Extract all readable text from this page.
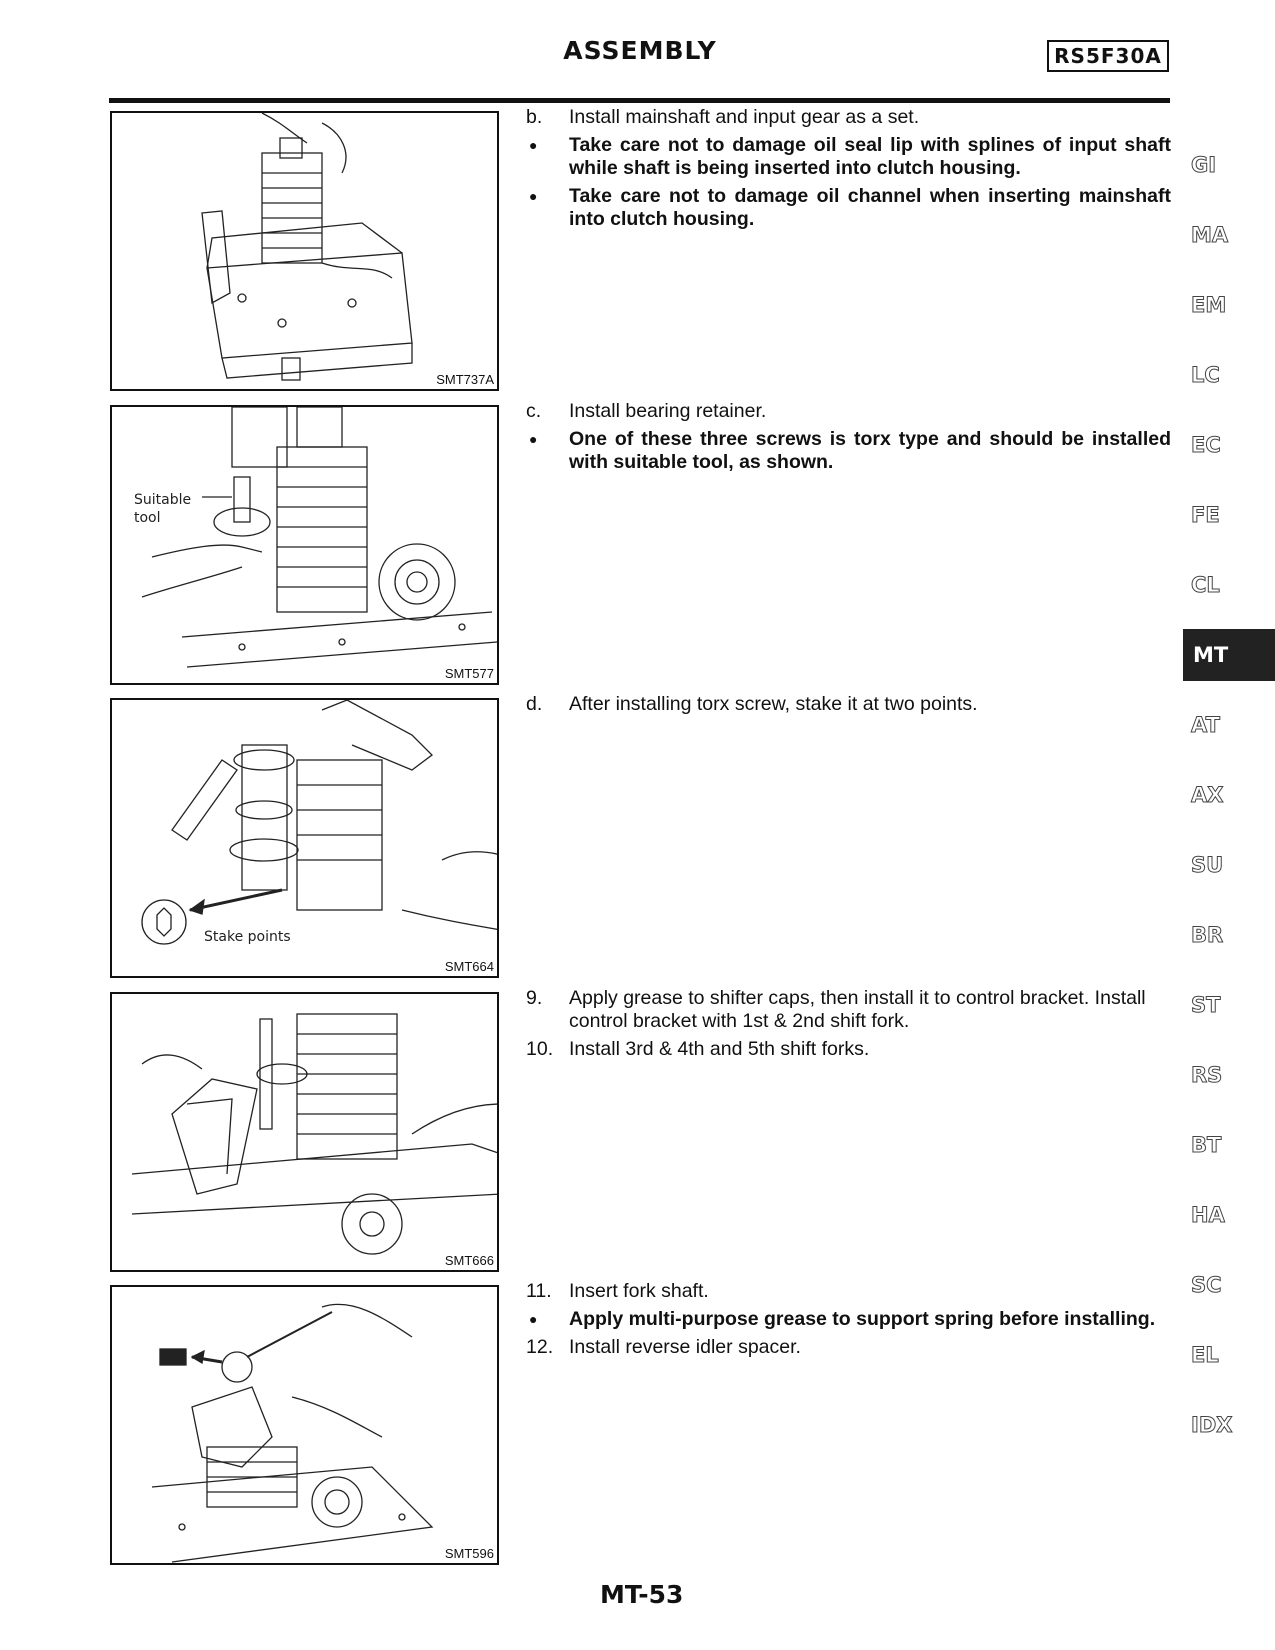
ASSEMBLY	RS5F30A
SMT737A
Suitable
tool
SMT577
Stake points
SMT664
SMT666
SMT596
b.	Install mainshaft and input gear as a set.
●	Take care not to damage oil seal lip with splines of input shaft while shaft is being inserted into clutch housing.
●	Take care not to damage oil channel when inserting mainshaft into clutch housing.
c.	Install bearing retainer.
●	One of these three screws is torx type and should be installed with suitable tool, as shown.
d.	After installing torx screw, stake it at two points.
9.	Apply grease to shifter caps, then install it to control bracket. Install control bracket with 1st & 2nd shift fork.
10. Install 3rd & 4th and 5th shift forks.
11. Insert fork shaft.
●	Apply multi-purpose grease to support spring before installing.
12. Install reverse idler spacer.
GI
MA
EM
LC
EC
FE
CL
MT
AT
AX
SU
BR
ST
RS
BT
HA
SC
EL
IDX
MT-53
